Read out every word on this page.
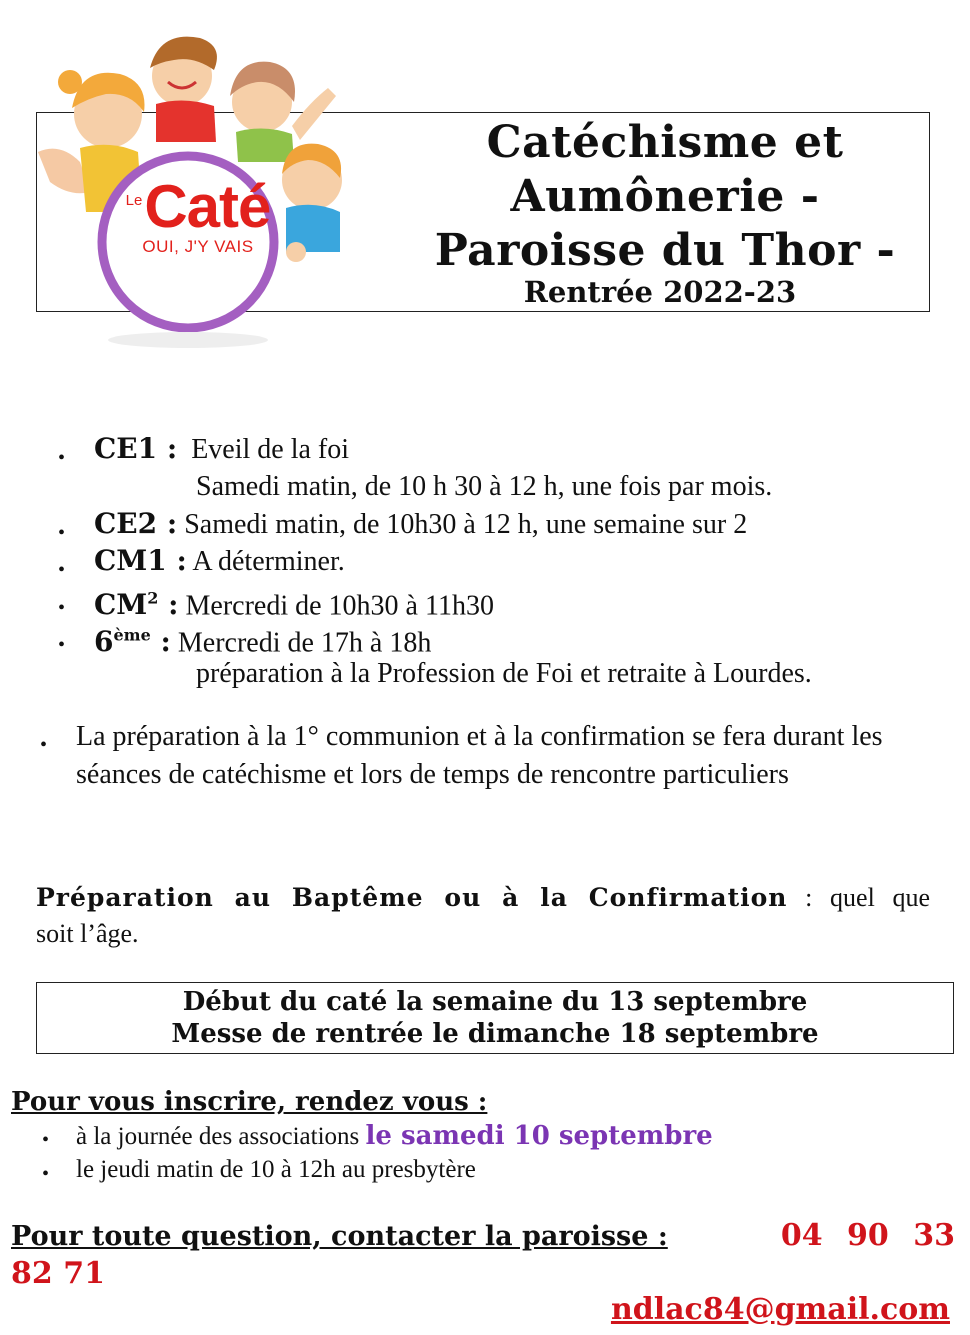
LeCaté
OUI, J'Y VAIS
Catéchisme et
Aumônerie -
Paroisse du Thor -
Rentrée 2022-23
• CE1 : Eveil de la foi
Samedi matin, de 10 h 30 à 12 h, une fois par mois.
• CE2 : Samedi matin, de 10h30 à 12 h, une semaine sur 2
• CM1 : A déterminer.
• $CM^2$ : Mercredi de 10h30 à 11h30
• 6ème : Mercredi de 17h à 18h
préparation à la Profession de Foi et retraite à Lourdes.
• La préparation à la 1° communion et à la confirmation se fera durant les séances de catéchisme et lors de temps de rencontre particuliers
Préparation au Baptême ou à la Confirmation : quel que
soit l’âge.
Début du caté la semaine du 13 septembre
Messe de rentrée le dimanche 18 septembre
Pour vous inscrire, rendez vous :
• à la journée des associations le samedi 10 septembre
• le jeudi matin de 10 à 12h au presbytère
Pour toute question, contacter la paroisse :	04 90 33
82 71
ndlac84@gmail.com
